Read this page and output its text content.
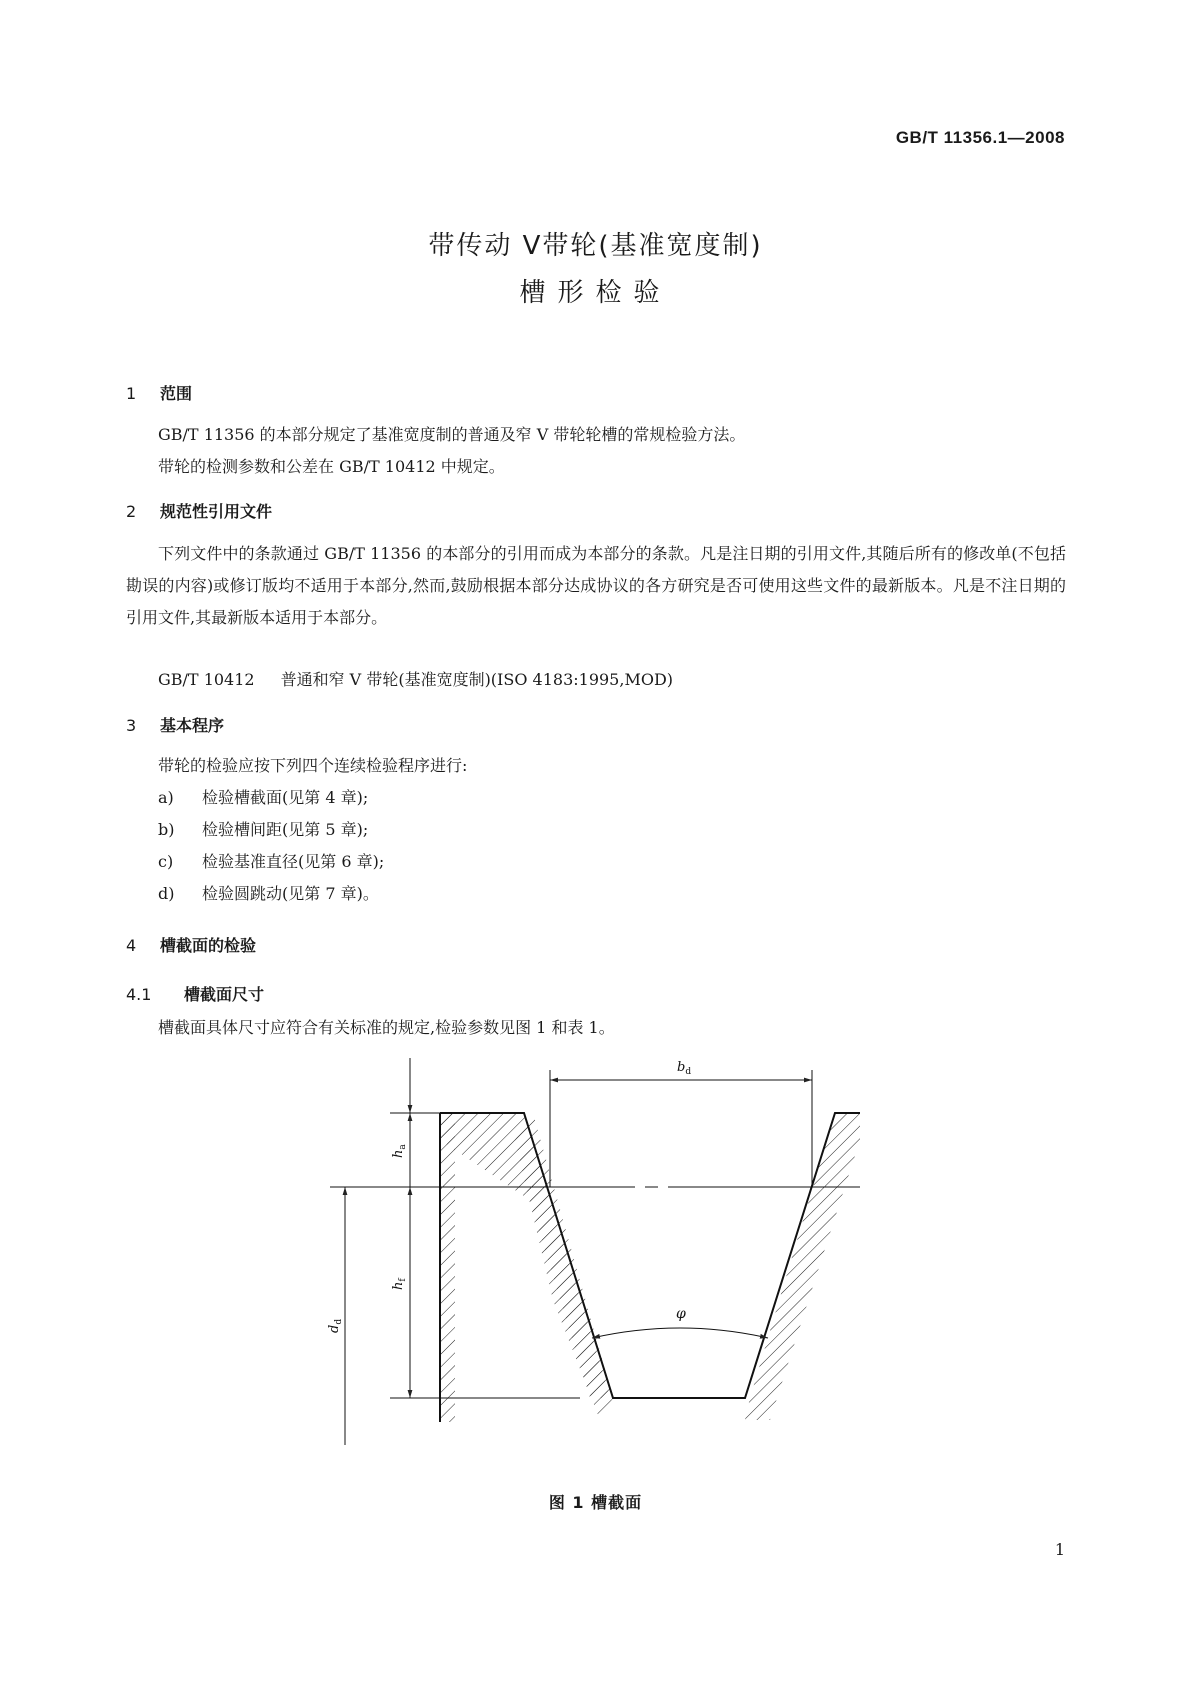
GB/T 11356.1—2008
带传动 V带轮(基准宽度制)
槽形检验
1 范围
GB/T 11356 的本部分规定了基准宽度制的普通及窄 V 带轮轮槽的常规检验方法。
带轮的检测参数和公差在 GB/T 10412 中规定。
2 规范性引用文件
下列文件中的条款通过 GB/T 11356 的本部分的引用而成为本部分的条款。凡是注日期的引用文件,其随后所有的修改单(不包括勘误的内容)或修订版均不适用于本部分,然而,鼓励根据本部分达成协议的各方研究是否可使用这些文件的最新版本。凡是不注日期的引用文件,其最新版本适用于本部分。
GB/T 10412 普通和窄 V 带轮(基准宽度制)(ISO 4183:1995,MOD)
3 基本程序
带轮的检验应按下列四个连续检验程序进行:
a) 检验槽截面(见第 4 章);
b) 检验槽间距(见第 5 章);
c) 检验基准直径(见第 6 章);
d) 检验圆跳动(见第 7 章)。
4 槽截面的检验
4.1 槽截面尺寸
槽截面具体尺寸应符合有关标准的规定,检验参数见图 1 和表 1。
$b_d$
$h_a$
$h_f$
$d_d$	φ
图 1 槽截面
1
